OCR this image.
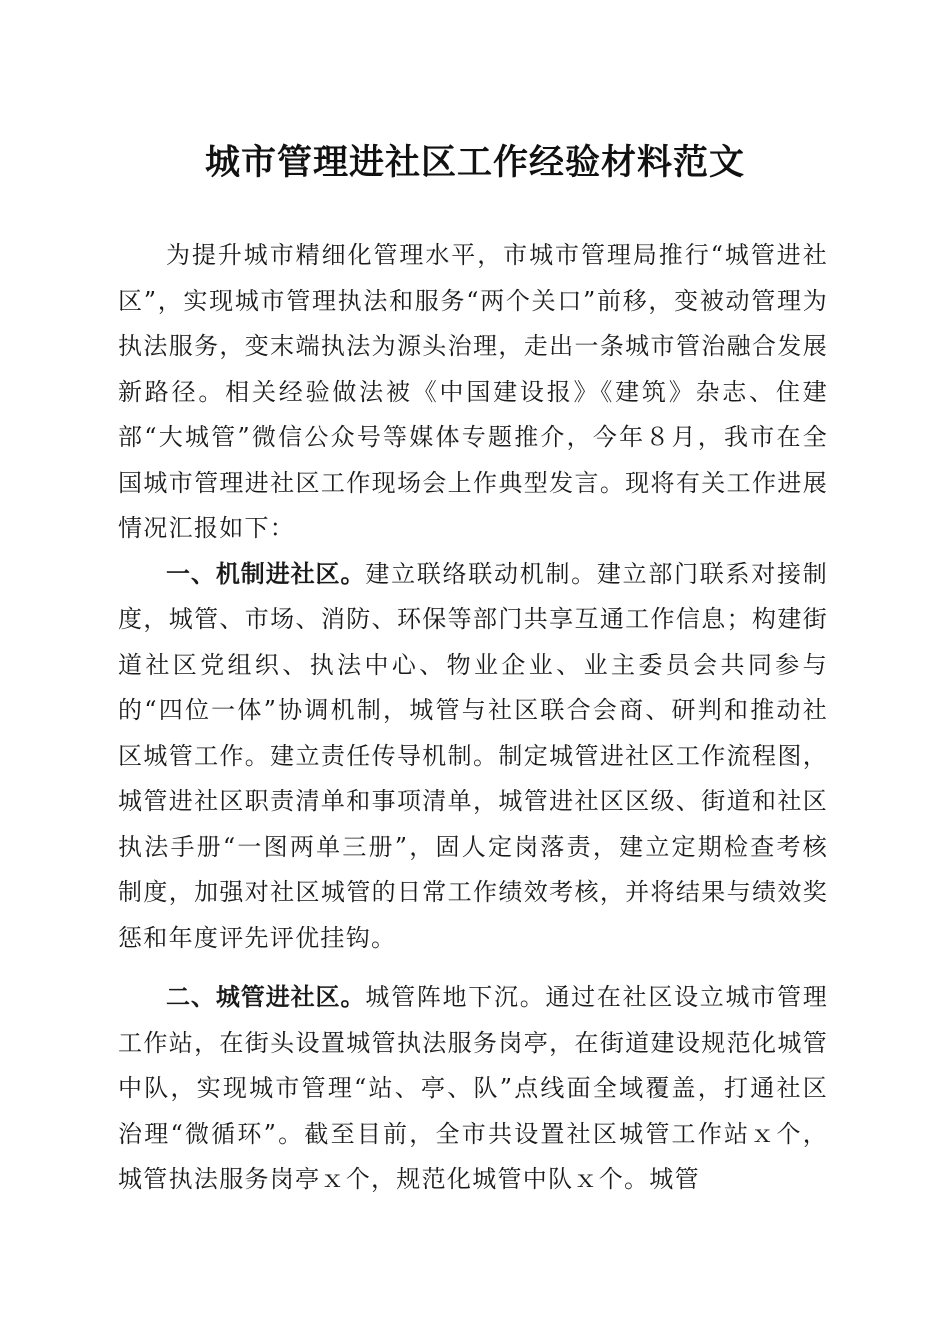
城市管理进社区工作经验材料范文

为提升城市精细化管理水平，市城市管理局推行“城管进社区”，实现城市管理执法和服务“两个关口”前移，变被动管理为执法服务，变末端执法为源头治理，走出一条城市管治融合发展新路径。相关经验做法被《中国建设报》《建筑》杂志、住建部“大城管”微信公众号等媒体专题推介，今年８月，我市在全国城市管理进社区工作现场会上作典型发言。现将有关工作进展情况汇报如下：

一、机制进社区。建立联络联动机制。建立部门联系对接制度，城管、市场、消防、环保等部门共享互通工作信息；构建街道社区党组织、执法中心、物业企业、业主委员会共同参与的“四位一体”协调机制，城管与社区联合会商、研判和推动社区城管工作。建立责任传导机制。制定城管进社区工作流程图，城管进社区职责清单和事项清单，城管进社区区级、街道和社区执法手册“一图两单三册”，固人定岗落责，建立定期检查考核制度，加强对社区城管的日常工作绩效考核，并将结果与绩效奖惩和年度评先评优挂钩。

二、城管进社区。城管阵地下沉。通过在社区设立城市管理工作站，在街头设置城管执法服务岗亭，在街道建设规范化城管中队，实现城市管理“站、亭、队”点线面全域覆盖，打通社区治理“微循环”。截至目前，全市共设置社区城管工作站ｘ个，城管执法服务岗亭ｘ个，规范化城管中队ｘ个。城管
